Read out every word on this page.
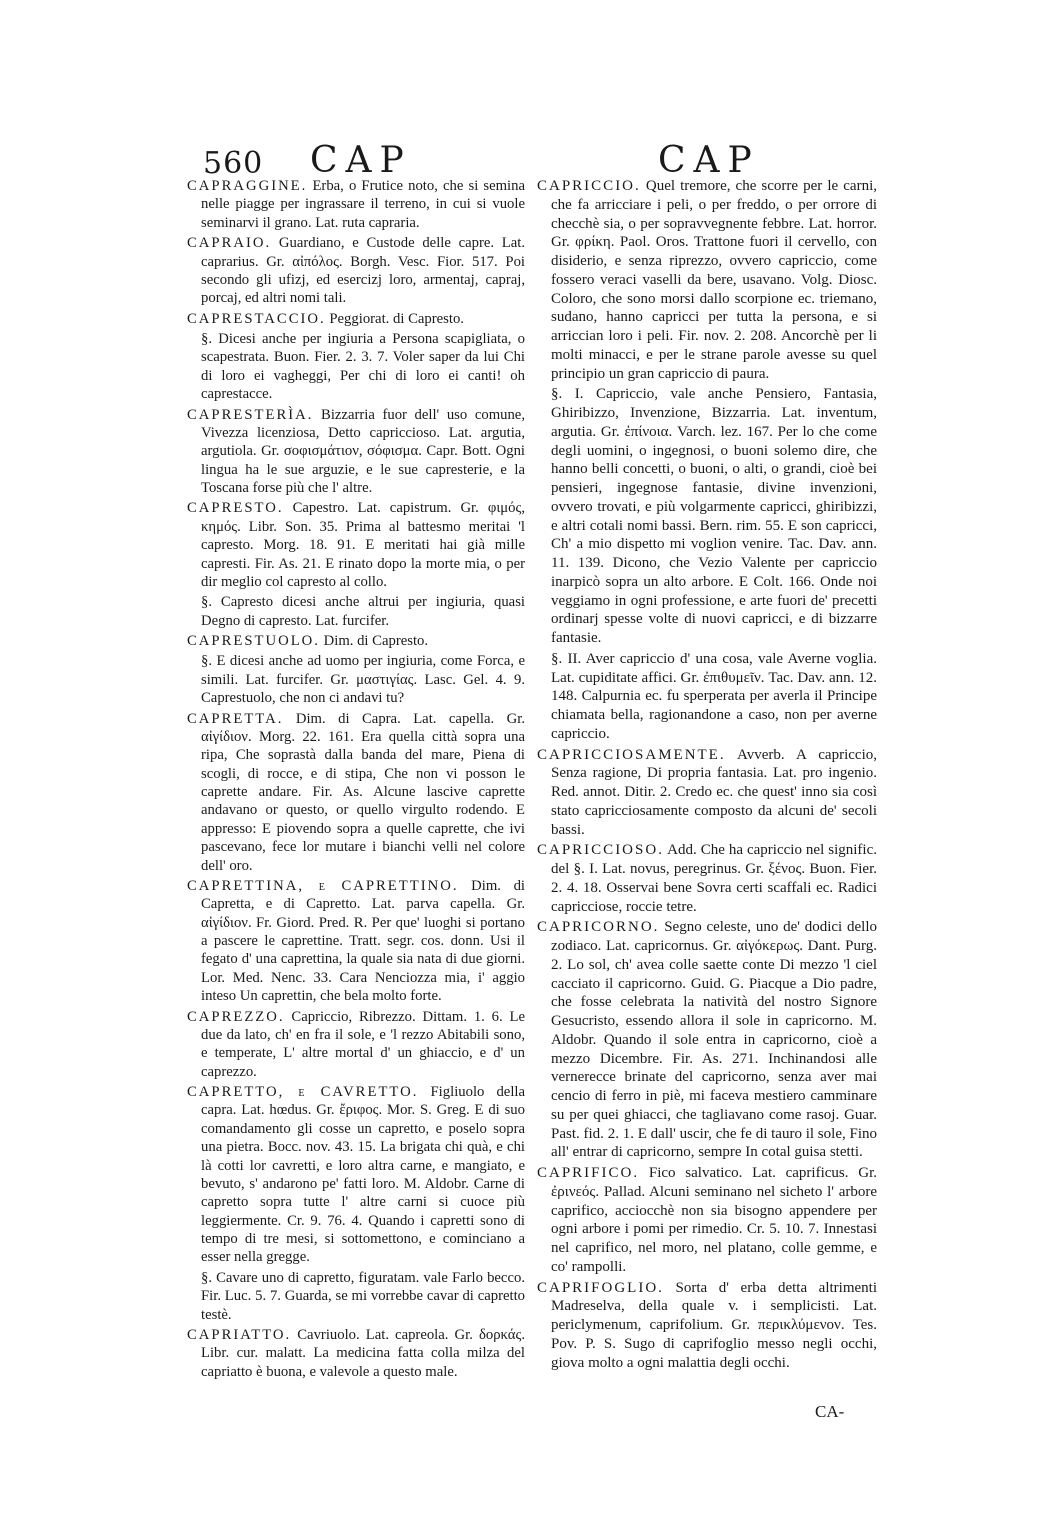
560 CAP	CAP

CAPRAGGINE. Erba, o Frutice noto, che si semina nelle piagge per ingrassare il terreno, in cui si vuole seminarvi il grano. Lat. ruta capraria.

CAPRAIO. Guardiano, e Custode delle capre. Lat. caprarius. Gr. αἰπόλος. Borgh. Vesc. Fior. 517. Poi secondo gli ufizj, ed esercizj loro, armentaj, capraj, porcaj, ed altri nomi tali.

CAPRESTACCIO. Peggiorat. di Capresto.

§. Dicesi anche per ingiuria a Persona scapigliata, o scapestrata. Buon. Fier. 2. 3. 7. Voler saper da lui Chi di loro ei vagheggi, Per chi di loro ei canti! oh caprestacce.

CAPRESTERÌA. Bizzarria fuor dell' uso comune, Vivezza licenziosa, Detto capriccioso. Lat. argutia, argutiola. Gr. σοφισμάτιον, σόφισμα. Capr. Bott. Ogni lingua ha le sue arguzie, e le sue capresterie, e la Toscana forse più che l' altre.

CAPRESTO. Capestro. Lat. capistrum. Gr. φιμός, κημός. Libr. Son. 35. Prima al battesmo meritai 'l capresto. Morg. 18. 91. E meritati hai già mille capresti. Fir. As. 21. E rinato dopo la morte mia, o per dir meglio col capresto al collo.

§. Capresto dicesi anche altrui per ingiuria, quasi Degno di capresto. Lat. furcifer.

CAPRESTUOLO. Dim. di Capresto.

§. E dicesi anche ad uomo per ingiuria, come Forca, e simili. Lat. furcifer. Gr. μαστιγίας. Lasc. Gel. 4. 9. Caprestuolo, che non ci andavi tu?

CAPRETTA. Dim. di Capra. Lat. capella. Gr. αἰγίδιον. Morg. 22. 161. Era quella città sopra una ripa, Che soprastà dalla banda del mare, Piena di scogli, di rocce, e di stipa, Che non vi posson le caprette andare. Fir. As. Alcune lascive caprette andavano or questo, or quello virgulto rodendo. E appresso: E piovendo sopra a quelle caprette, che ivi pascevano, fece lor mutare i bianchi velli nel colore dell' oro.

CAPRETTINA, e CAPRETTINO. Dim. di Capretta, e di Capretto. Lat. parva capella. Gr. αἰγίδιον. Fr. Giord. Pred. R. Per que' luoghi si portano a pascere le caprettine. Tratt. segr. cos. donn. Usi il fegato d' una caprettina, la quale sia nata di due giorni. Lor. Med. Nenc. 33. Cara Nenciozza mia, i' aggio inteso Un caprettin, che bela molto forte.

CAPREZZO. Capriccio, Ribrezzo. Dittam. 1. 6. Le due da lato, ch' en fra il sole, e 'l rezzo Abitabili sono, e temperate, L' altre mortal d' un ghiaccio, e d' un caprezzo.

CAPRETTO, e CAVRETTO. Figliuolo della capra. Lat. hœdus. Gr. ἔριφος. Mor. S. Greg. E di suo comandamento gli cosse un capretto, e poselo sopra una pietra. Bocc. nov. 43. 15. La brigata chi quà, e chi là cotti lor cavretti, e loro altra carne, e mangiato, e bevuto, s' andarono pe' fatti loro. M. Aldobr. Carne di capretto sopra tutte l' altre carni si cuoce più leggiermente. Cr. 9. 76. 4. Quando i capretti sono di tempo di tre mesi, si sottomettono, e cominciano a esser nella gregge.

§. Cavare uno di capretto, figuratam. vale Farlo becco. Fir. Luc. 5. 7. Guarda, se mi vorrebbe cavar di capretto testè.

CAPRIATTO. Cavriuolo. Lat. capreola. Gr. δορκάς. Libr. cur. malatt. La medicina fatta colla milza del capriatto è buona, e valevole a questo male.

CAPRICCIO. Quel tremore, che scorre per le carni, che fa arricciare i peli, o per freddo, o per orrore di checchè sia, o per sopravvegnente febbre. Lat. horror. Gr. φρίκη. Paol. Oros. Trattone fuori il cervello, con disiderio, e senza riprezzo, ovvero capriccio, come fossero veraci vaselli da bere, usavano. Volg. Diosc. Coloro, che sono morsi dallo scorpione ec. triemano, sudano, hanno capricci per tutta la persona, e si arriccian loro i peli. Fir. nov. 2. 208. Ancorchè per li molti minacci, e per le strane parole avesse su quel principio un gran capriccio di paura.

§. I. Capriccio, vale anche Pensiero, Fantasia, Ghiribizzo, Invenzione, Bizzarria. Lat. inventum, argutia. Gr. ἐπίνοια. Varch. lez. 167. Per lo che come degli uomini, o ingegnosi, o buoni solemo dire, che hanno belli concetti, o buoni, o alti, o grandi, cioè bei pensieri, ingegnose fantasie, divine invenzioni, ovvero trovati, e più volgarmente capricci, ghiribizzi, e altri cotali nomi bassi. Bern. rim. 55. E son capricci, Ch' a mio dispetto mi voglion venire. Tac. Dav. ann. 11. 139. Dicono, che Vezio Valente per capriccio inarpicò sopra un alto arbore. E Colt. 166. Onde noi veggiamo in ogni professione, e arte fuori de' precetti ordinarj spesse volte di nuovi capricci, e di bizzarre fantasie.

§. II. Aver capriccio d' una cosa, vale Averne voglia. Lat. cupiditate affici. Gr. ἐπιθυμεῖν. Tac. Dav. ann. 12. 148. Calpurnia ec. fu sperperata per averla il Principe chiamata bella, ragionandone a caso, non per averne capriccio.

CAPRICCIOSAMENTE. Avverb. A capriccio, Senza ragione, Di propria fantasia. Lat. pro ingenio. Red. annot. Ditir. 2. Credo ec. che quest' inno sia così stato capricciosamente composto da alcuni de' secoli bassi.

CAPRICCIOSO. Add. Che ha capriccio nel signific. del §. I. Lat. novus, peregrinus. Gr. ξένος. Buon. Fier. 2. 4. 18. Osservai bene Sovra certi scaffali ec. Radici capricciose, roccie tetre.

CAPRICORNO. Segno celeste, uno de' dodici dello zodiaco. Lat. capricornus. Gr. αἰγόκερως. Dant. Purg. 2. Lo sol, ch' avea colle saette conte Di mezzo 'l ciel cacciato il capricorno. Guid. G. Piacque a Dio padre, che fosse celebrata la natività del nostro Signore Gesucristo, essendo allora il sole in capricorno. M. Aldobr. Quando il sole entra in capricorno, cioè a mezzo Dicembre. Fir. As. 271. Inchinandosi alle vernerecce brinate del capricorno, senza aver mai cencio di ferro in piè, mi faceva mestiero camminare su per quei ghiacci, che tagliavano come rasoj. Guar. Past. fid. 2. 1. E dall' uscir, che fe di tauro il sole, Fino all' entrar di capricorno, sempre In cotal guisa stetti.

CAPRIFICO. Fico salvatico. Lat. caprificus. Gr. ἐρινεός. Pallad. Alcuni seminano nel sicheto l' arbore caprifico, acciocchè non sia bisogno appendere per ogni arbore i pomi per rimedio. Cr. 5. 10. 7. Innestasi nel caprifico, nel moro, nel platano, colle gemme, e co' rampolli.

CAPRIFOGLIO. Sorta d' erba detta altrimenti Madreselva, della quale v. i semplicisti. Lat. periclymenum, caprifolium. Gr. περικλύμενον. Tes. Pov. P. S. Sugo di caprifoglio messo negli occhi, giova molto a ogni malattia degli occhi.

CA-
